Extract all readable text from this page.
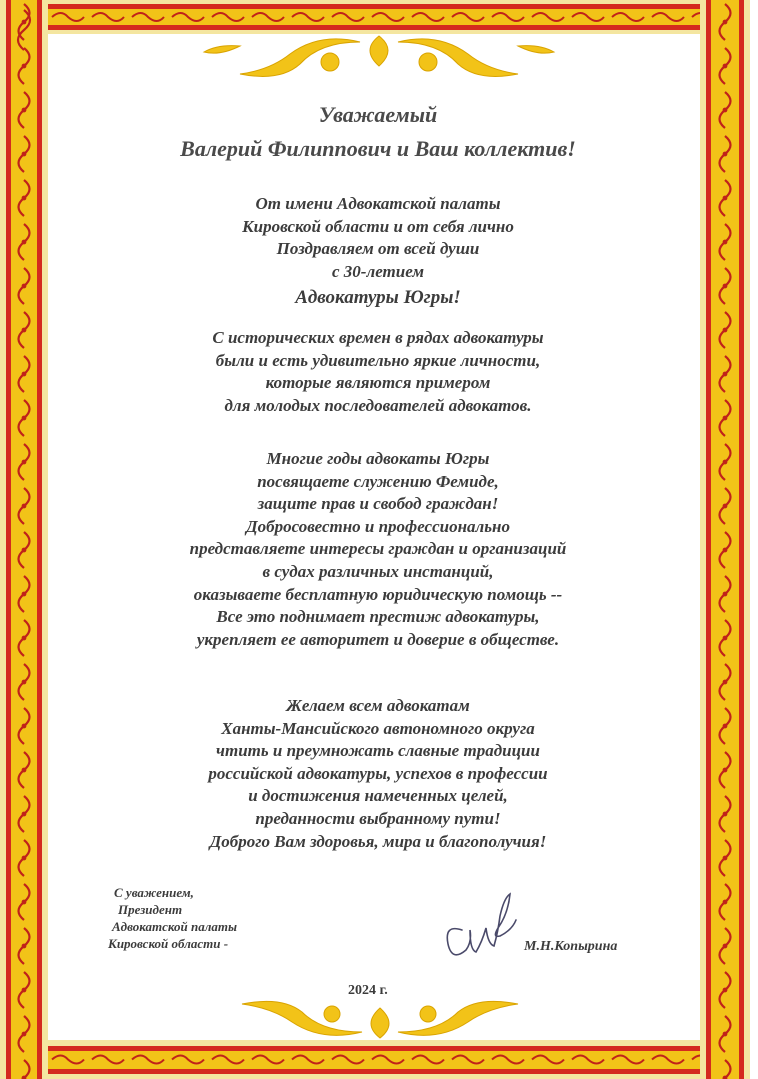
Уважаемый
Валерий Филиппович и Ваш коллектив!
От имени Адвокатской палаты
Кировской области и от себя лично
Поздравляем от всей души
с 30-летием
Адвокатуры Югры!
С исторических времен в рядах адвокатуры
были и есть удивительно яркие личности,
которые являются примером
для молодых последователей адвокатов.
Многие годы адвокаты Югры
посвящаете служению Фемиде,
защите прав и свобод граждан!
Добросовестно и профессионально
представляете интересы граждан и организаций
в судах различных инстанций,
оказываете бесплатную юридическую помощь --
Все это поднимает престиж адвокатуры,
укрепляет ее авторитет и доверие в обществе.
Желаем всем адвокатам
Ханты-Мансийского автономного округа
чтить и преумножать славные традиции
российской адвокатуры, успехов в профессии
и достижения намеченных целей,
преданности выбранному пути!
Доброго Вам здоровья, мира и благополучия!
С уважением,
Президент
Адвокатской палаты
Кировской области -	М.Н.Копырина
2024 г.
